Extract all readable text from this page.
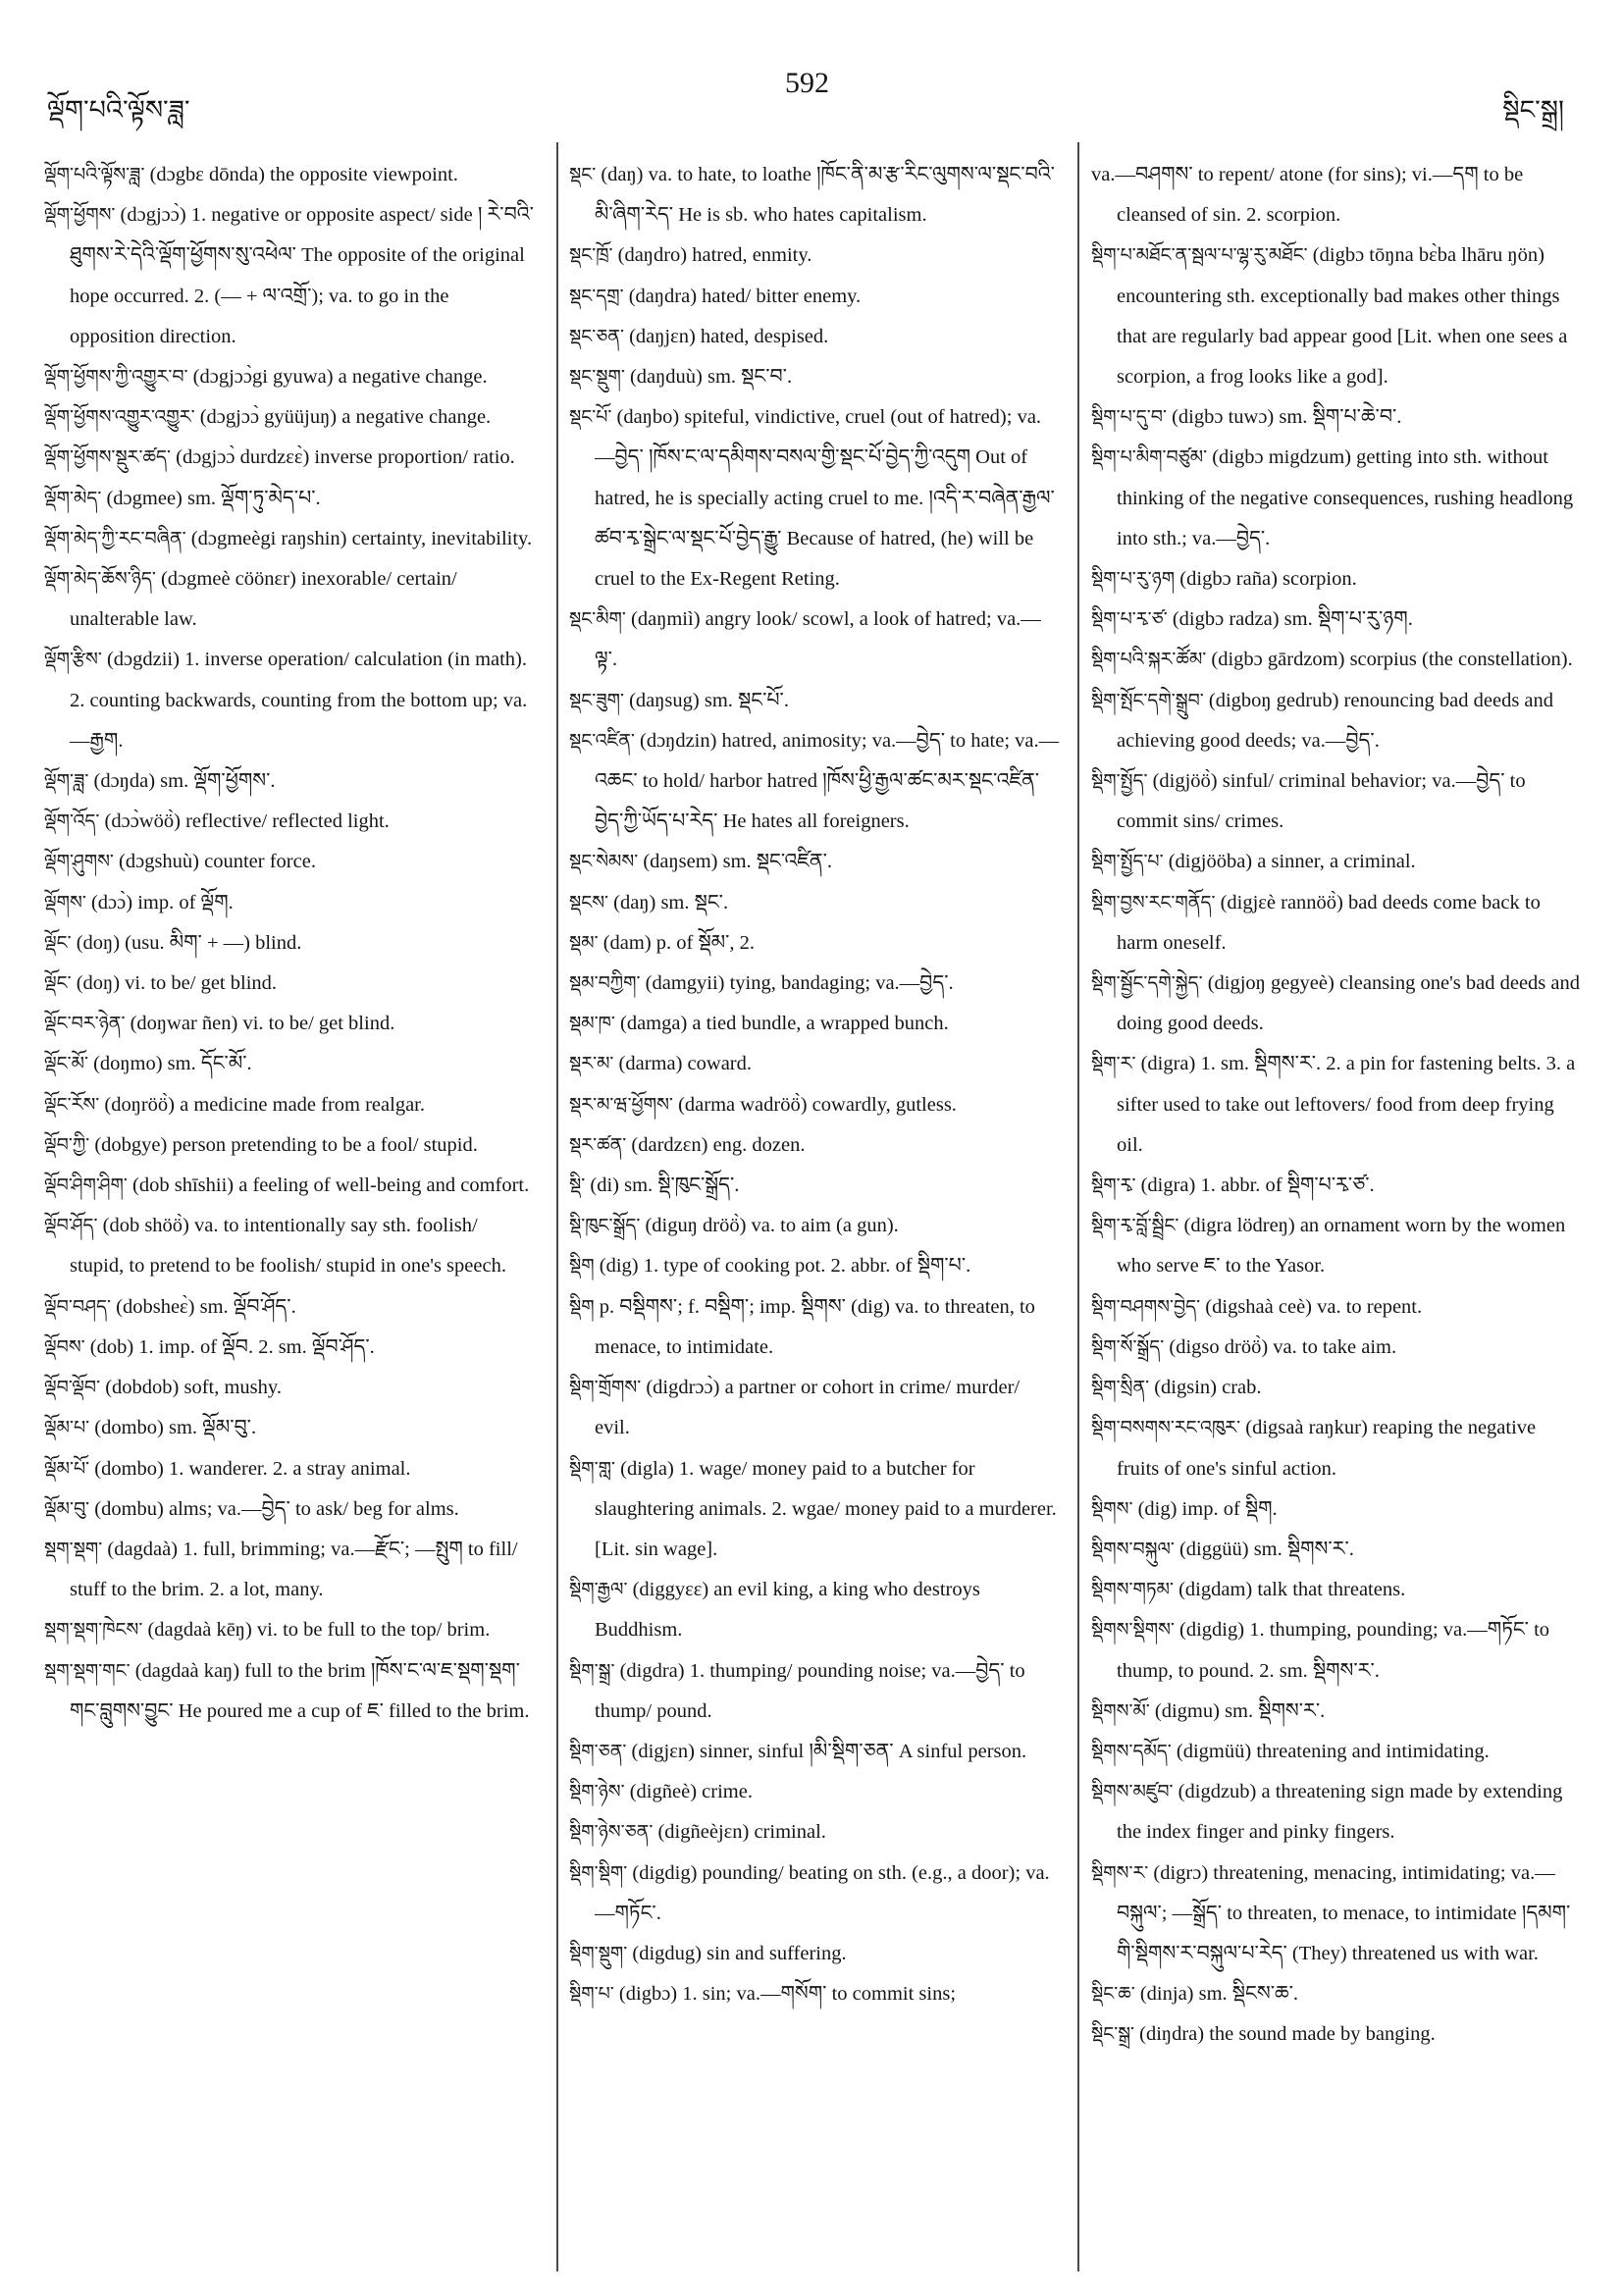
ལྡོག་པའི་ལྟོས་ཟླ་
592
སྡིང་སྒྲ།

ལྡོག་པའི་ལྟོས་ཟླ་ (dɔgbɛ dōnda) the opposite viewpoint.

ལྡོག་ཕྱོགས་ (dɔgjɔɔ̀) 1. negative or opposite aspect/ side ། རེ་བའི་ཐུགས་རེ་དེའི་ལྡོག་ཕྱོགས་སུ་འཕེལ་ The opposite of the original hope occurred. 2. (— + ལ་འགྲོ་); va. to go in the opposition direction.

ལྡོག་ཕྱོགས་ཀྱི་འགྱུར་བ་ (dɔgjɔɔ̀gi gyuwa) a negative change.

ལྡོག་ཕྱོགས་འགྱུར་འགྱུར་ (dɔgjɔɔ̀ gyüüjuŋ) a negative change.

ལྡོག་ཕྱོགས་སྡུར་ཚད་ (dɔgjɔɔ̀ durdzɛɛ̀) inverse proportion/ ratio.

ལྡོག་མེད་ (dɔgmee) sm. ལྡོག་ཏུ་མེད་པ་.

ལྡོག་མེད་ཀྱི་རང་བཞིན་ (dɔgmeègi raŋshin) certainty, inevitability.

ལྡོག་མེད་ཆོས་ཉིད་ (dɔgmeè cöönɛr) inexorable/ certain/ unalterable law.

ལྡོག་རྩིས་ (dɔgdzii) 1. inverse operation/ calculation (in math). 2. counting backwards, counting from the bottom up; va.—རྒྱག.

ལྡོག་ཟླ་ (dɔŋda) sm. ལྡོག་ཕྱོགས་.

ལྡོག་འོད་ (dɔɔ̀wöö̀) reflective/ reflected light.

ལྡོག་ཤུགས་ (dɔgshuù) counter force.

ལྡོགས་ (dɔɔ̀) imp. of ལྡོག.

ལྡོང་ (doŋ) (usu. མིག་ + —) blind.

ལྡོང་ (doŋ) vi. to be/ get blind.

ལྡོང་བར་ཉེན་ (doŋwar ñen) vi. to be/ get blind.

ལྡོང་མོ་ (doŋmo) sm. དོང་མོ་.

ལྡོང་རོས་ (doŋröö̀) a medicine made from realgar.

ལྡོབ་ཀྱི་ (dobgye) person pretending to be a fool/ stupid.

ལྡོབ་ཤིག་ཤིག་ (dob shīshii) a feeling of well-being and comfort.

ལྡོབ་ཤོད་ (dob shöö̀) va. to intentionally say sth. foolish/ stupid, to pretend to be foolish/ stupid in one's speech.

ལྡོབ་བཤད་ (dobsheɛ̀) sm. ལྡོབ་ཤོད་.

ལྡོབས་ (dob) 1. imp. of ལྡོབ. 2. sm. ལྡོབ་ཤོད་.

ལྡོབ་ལྡོབ་ (dobdob) soft, mushy.

ལྡོམ་པ་ (dombo) sm. ལྡོམ་བུ་.

ལྡོམ་པོ་ (dombo) 1. wanderer. 2. a stray animal.

ལྡོམ་བུ་ (dombu) alms; va.—བྱེད་ to ask/ beg for alms.

སྡག་སྡག་ (dagdaà) 1. full, brimming; va.—རྫོང་; —སྤུག to fill/ stuff to the brim. 2. a lot, many.

སྡག་སྡག་ཁེངས་ (dagdaà kēŋ) vi. to be full to the top/ brim.

སྡག་སྡག་གང་ (dagdaà kaŋ) full to the brim །ཁོས་ང་ལ་ཇ་སྡག་སྡག་གང་བླུགས་བྱུང་ He poured me a cup of ཇ་ filled to the brim.

སྡང་ (daŋ) va. to hate, to loathe །ཁོང་ནི་མ་རྩ་རིང་ལུགས་ལ་སྡང་བའི་མི་ཞིག་རེད་ He is sb. who hates capitalism.

སྡང་ཁྲོ་ (daŋdro) hatred, enmity.

སྡང་དགྲ་ (daŋdra) hated/ bitter enemy.

སྡང་ཅན་ (daŋjɛn) hated, despised.

སྡང་སྡུག་ (daŋduù) sm. སྡང་བ་.

སྡང་པོ་ (daŋbo) spiteful, vindictive, cruel (out of hatred); va.—བྱེད་ །ཁོས་ང་ལ་དམིགས་བསལ་གྱི་སྡང་པོ་བྱེད་ཀྱི་འདུག Out of hatred, he is specially acting cruel to me. །འདི་ར་བཞེན་རྒྱལ་ཚབ་རྭ་སྒྲེང་ལ་སྡང་པོ་བྱེད་རྒྱུ་ Because of hatred, (he) will be cruel to the Ex-Regent Reting.

སྡང་མིག་ (daŋmiì) angry look/ scowl, a look of hatred; va.—ལྟ་.

སྡང་ཟུག་ (daŋsug) sm. སྡང་པོ་.

སྡང་འཛིན་ (dɔŋdzin) hatred, animosity; va.—བྱེད་ to hate; va.—འཆང་ to hold/ harbor hatred །ཁོས་ཕྱི་རྒྱལ་ཚང་མར་སྡང་འཛིན་བྱེད་ཀྱི་ཡོད་པ་རེད་ He hates all foreigners.

སྡང་སེམས་ (daŋsem) sm. སྡང་འཛིན་.

སྡངས་ (daŋ) sm. སྡང་.

སྡམ་ (dam) p. of སྡོམ་, 2.

སྡམ་བཀྱིག་ (damgyii) tying, bandaging; va.—བྱེད་.

སྡམ་ཁ་ (damga) a tied bundle, a wrapped bunch.

སྡར་མ་ (darma) coward.

སྡར་མ་ཝ་ཕྱོགས་ (darma wadröö̀) cowardly, gutless.

སྡར་ཚན་ (dardzɛn) eng. dozen.

སྡི་ (di) sm. སྡི་ཁུང་སྒྲོད་.

སྡི་ཁུང་སྒྲོད་ (diguŋ dröö̀) va. to aim (a gun).

སྡིག (dig) 1. type of cooking pot. 2. abbr. of སྡིག་པ་.

སྡིག p. བསྡིགས་; f. བསྡིག་; imp. སྡིགས་ (dig) va. to threaten, to menace, to intimidate.

སྡིག་གྲོགས་ (digdrɔɔ̀) a partner or cohort in crime/ murder/ evil.

སྡིག་གླ་ (digla) 1. wage/ money paid to a butcher for slaughtering animals. 2. wgae/ money paid to a murderer. [Lit. sin wage].

སྡིག་རྒྱལ་ (diggyɛɛ) an evil king, a king who destroys Buddhism.

སྡིག་སྒྲ་ (digdra) 1. thumping/ pounding noise; va.—བྱེད་ to thump/ pound.

སྡིག་ཅན་ (digjɛn) sinner, sinful །མི་སྡིག་ཅན་ A sinful person.

སྡིག་ཉེས་ (digñeè) crime.

སྡིག་ཉེས་ཅན་ (digñeèjɛn) criminal.

སྡིག་སྡིག་ (digdig) pounding/ beating on sth. (e.g., a door); va.—གཏོང་.

སྡིག་སྡུག་ (digdug) sin and suffering.

སྡིག་པ་ (digbɔ) 1. sin; va.—གསོག་ to commit sins;

va.—བཤགས་ to repent/ atone (for sins); vi.—དག to be cleansed of sin. 2. scorpion.

སྡིག་པ་མཐོང་ན་སྦལ་པ་ལྷ་རུ་མཐོང་ (digbɔ tōŋna bɛ̀ba lhāru ŋön) encountering sth. exceptionally bad makes other things that are regularly bad appear good [Lit. when one sees a scorpion, a frog looks like a god].

སྡིག་པ་དུ་བ་ (digbɔ tuwɔ) sm. སྡིག་པ་ཆེ་བ་.

སྡིག་པ་མིག་བཙུམ་ (digbɔ migdzum) getting into sth. without thinking of the negative consequences, rushing headlong into sth.; va.—བྱེད་.

སྡིག་པ་རུ་ཉག (digbɔ raña) scorpion.

སྡིག་པ་རྭ་ཙ་ (digbɔ radza) sm. སྡིག་པ་རུ་ཉག.

སྡིག་པའི་སྐར་ཚོམ་ (digbɔ gārdzom) scorpius (the constellation).

སྡིག་སྤོང་དགེ་སྒྲུབ་ (digboŋ gedrub) renouncing bad deeds and achieving good deeds; va.—བྱེད་.

སྡིག་སྤྱོད་ (digjöö̀) sinful/ criminal behavior; va.—བྱེད་ to commit sins/ crimes.

སྡིག་སྤྱོད་པ་ (digjööba) a sinner, a criminal.

སྡིག་བྱས་རང་གནོད་ (digjɛè rannöö̀) bad deeds come back to harm oneself.

སྡིག་སྦྱོང་དགེ་སྐྱེད་ (digjoŋ gegyeè) cleansing one's bad deeds and doing good deeds.

སྡིག་ར་ (digra) 1. sm. སྡིགས་ར་. 2. a pin for fastening belts. 3. a sifter used to take out leftovers/ food from deep frying oil.

སྡིག་རྭ་ (digra) 1. abbr. of སྡིག་པ་རྭ་ཙ་.

སྡིག་རྭ་བློ་སྦྲིང་ (digra lödreŋ) an ornament worn by the women who serve ཇ་ to the Yasor.

སྡིག་བཤགས་བྱེད་ (digshaà ceè) va. to repent.

སྡིག་སོ་སྒྲོད་ (digso dröö̀) va. to take aim.

སྡིག་སྲིན་ (digsin) crab.

སྡིག་བསགས་རང་འཁུར་ (digsaà raŋkur) reaping the negative fruits of one's sinful action.

སྡིགས་ (dig) imp. of སྡིག.

སྡིགས་བསྐུལ་ (diggüü) sm. སྡིགས་ར་.

སྡིགས་གཏམ་ (digdam) talk that threatens.

སྡིགས་སྡིགས་ (digdig) 1. thumping, pounding; va.—གཏོང་ to thump, to pound. 2. sm. སྡིགས་ར་.

སྡིགས་མོ་ (digmu) sm. སྡིགས་ར་.

སྡིགས་དམོད་ (digmüü) threatening and intimidating.

སྡིགས་མཛུབ་ (digdzub) a threatening sign made by extending the index finger and pinky fingers.

སྡིགས་ར་ (digrɔ) threatening, menacing, intimidating; va.—བསྐུལ་; —སྒྲོད་ to threaten, to menace, to intimidate །དམག་གི་སྡིགས་ར་བསྐུལ་པ་རེད་ (They) threatened us with war.

སྡིང་ཆ་ (dinja) sm. སྡིངས་ཆ་.

སྡིང་སྒྲ་ (diŋdra) the sound made by banging.
